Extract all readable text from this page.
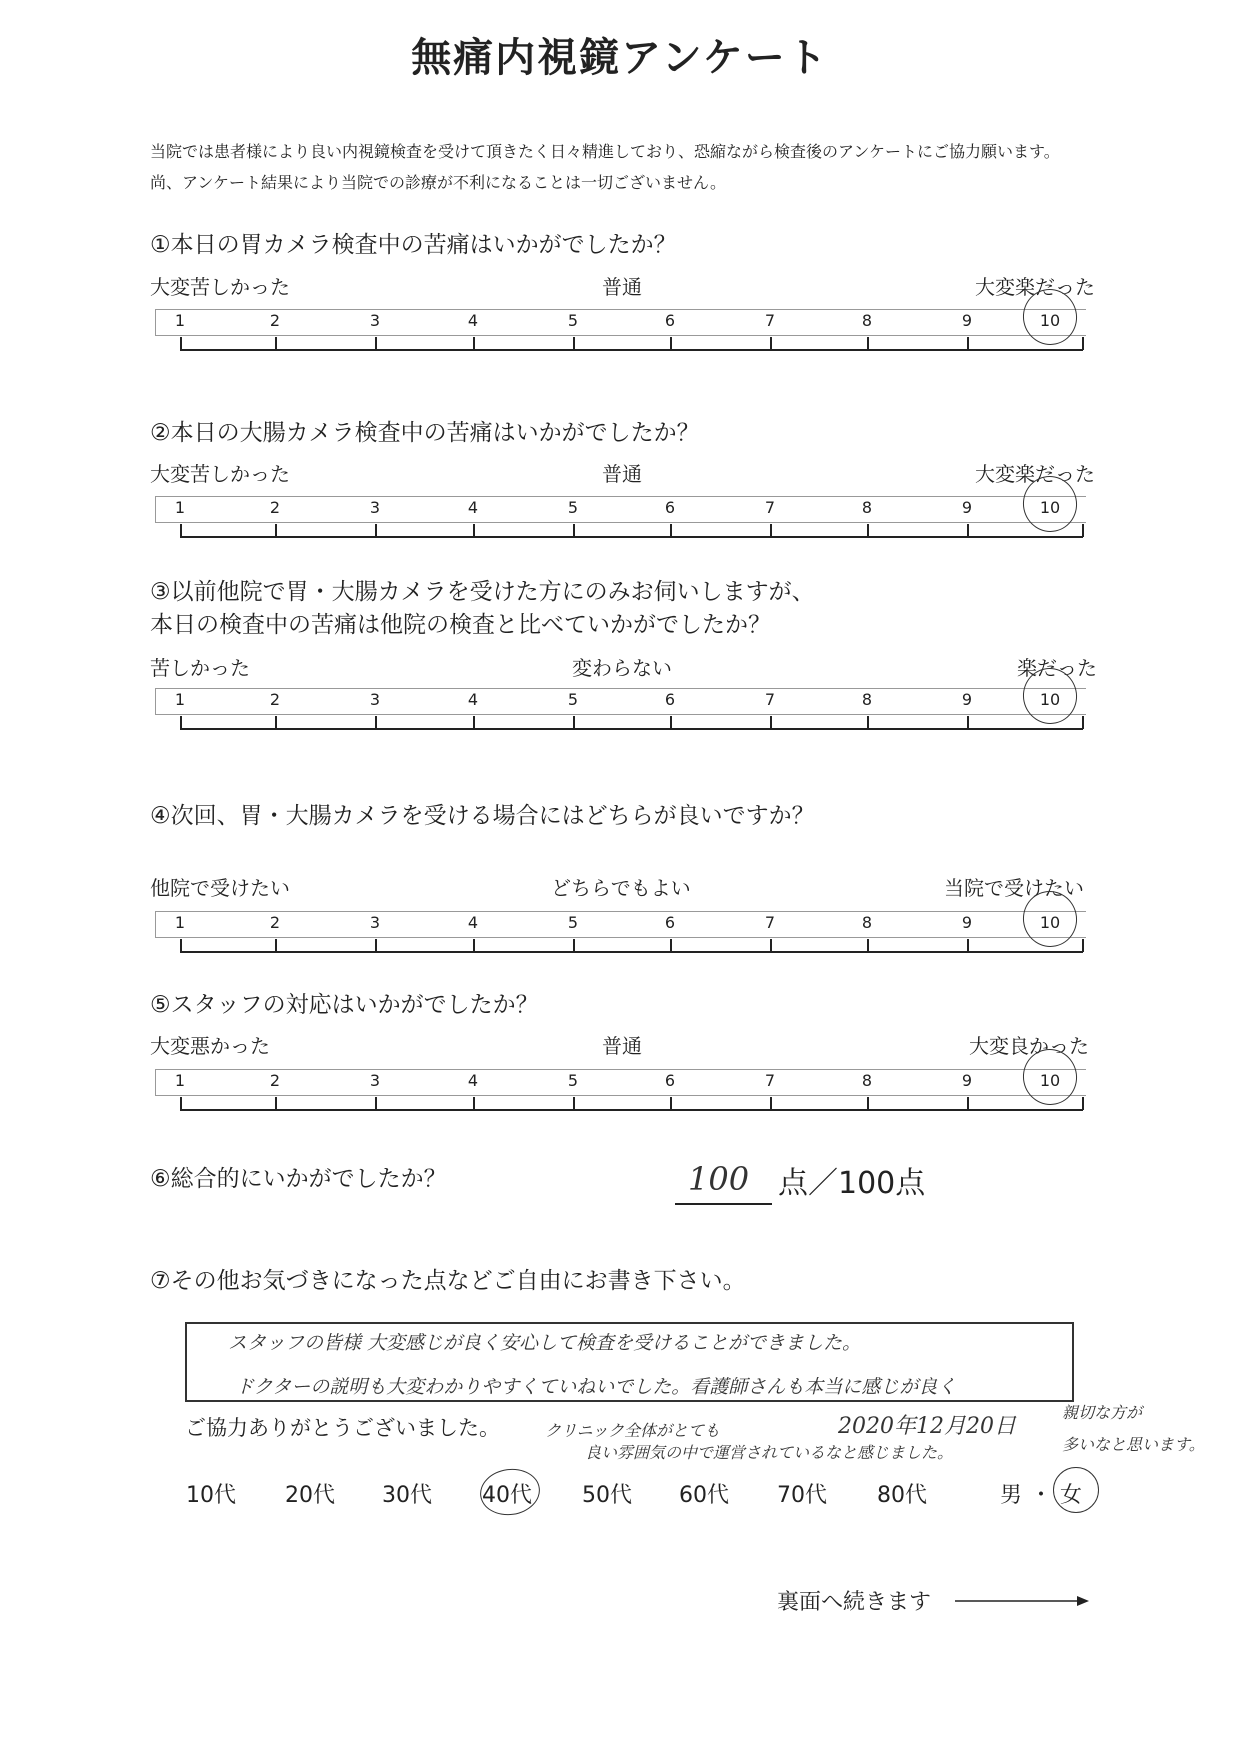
無痛内視鏡アンケート
当院では患者様により良い内視鏡検査を受けて頂きたく日々精進しており、恐縮ながら検査後のアンケートにご協力願います。
尚、アンケート結果により当院での診療が不利になることは一切ございません。
①本日の胃カメラ検査中の苦痛はいかがでしたか？
大変苦しかった	普通	大変楽だった
1	2	3	4	5	6	7	8	9	10
②本日の大腸カメラ検査中の苦痛はいかがでしたか？
大変苦しかった	普通	大変楽だった
1	2	3	4	5	6	7	8	9	10
③以前他院で胃・大腸カメラを受けた方にのみお伺いしますが、
本日の検査中の苦痛は他院の検査と比べていかがでしたか？
苦しかった	変わらない	楽だった
1	2	3	4	5	6	7	8	9	10
④次回、胃・大腸カメラを受ける場合にはどちらが良いですか？
他院で受けたい	どちらでもよい	当院で受けたい
1	2	3	4	5	6	7	8	9	10
⑤スタッフの対応はいかがでしたか？
大変悪かった	普通	大変良かった
1	2	3	4	5	6	7	8	9	10
⑥総合的にいかがでしたか？	100 点／100点
⑦その他お気づきになった点などご自由にお書き下さい。
スタッフの皆様 大変感じが良く安心して検査を受けることができました。
ドクターの説明も大変わかりやすくていねいでした。看護師さんも本当に感じが良く
親切な方が
多いなと思います。
ご協力ありがとうございました。	クリニック全体がとても
良い雰囲気の中で運営されているなと感じました。
2020年12月20日
10代 20代 30代 40代 50代 60代 70代 80代	男 ・ 女
裏面へ続きます
